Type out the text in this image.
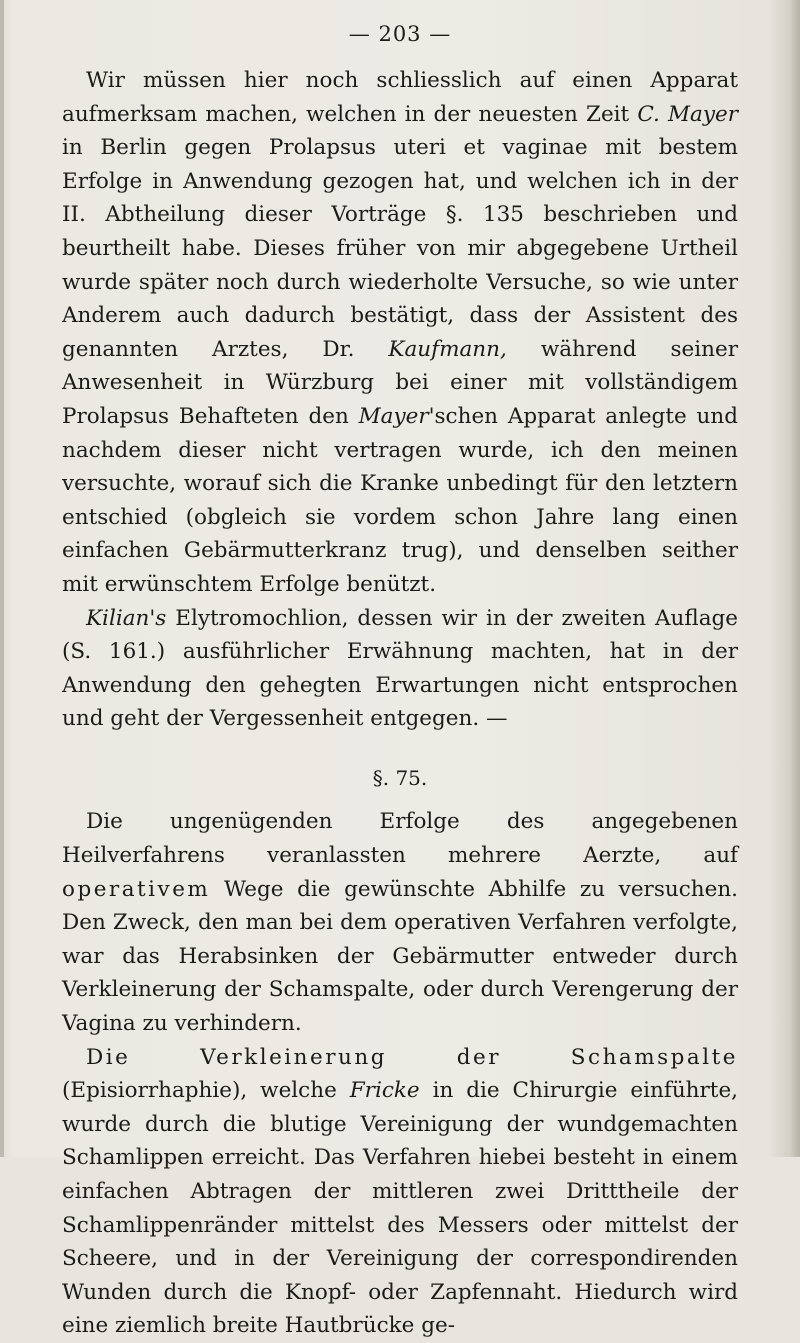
— 203 —

Wir müssen hier noch schliesslich auf einen Apparat aufmerksam machen, welchen in der neuesten Zeit C. Mayer in Berlin gegen Prolapsus uteri et vaginae mit bestem Erfolge in Anwendung gezogen hat, und welchen ich in der II. Abtheilung dieser Vorträge §. 135 beschrieben und beurtheilt habe. Dieses früher von mir abgegebene Urtheil wurde später noch durch wiederholte Versuche, so wie unter Anderem auch dadurch bestätigt, dass der Assistent des genannten Arztes, Dr. Kaufmann, während seiner Anwesenheit in Würzburg bei einer mit vollständigem Prolapsus Behafteten den Mayer'schen Apparat anlegte und nachdem dieser nicht vertragen wurde, ich den meinen versuchte, worauf sich die Kranke unbedingt für den letztern entschied (obgleich sie vordem schon Jahre lang einen einfachen Gebärmutterkranz trug), und denselben seither mit erwünschtem Erfolge benützt.

Kilian's Elytromochlion, dessen wir in der zweiten Auflage (S. 161.) ausführlicher Erwähnung machten, hat in der Anwendung den gehegten Erwartungen nicht entsprochen und geht der Vergessenheit entgegen. —

§. 75.

Die ungenügenden Erfolge des angegebenen Heilverfahrens veranlassten mehrere Aerzte, auf operativem Wege die gewünschte Abhilfe zu versuchen. Den Zweck, den man bei dem operativen Verfahren verfolgte, war das Herabsinken der Gebärmutter entweder durch Verkleinerung der Schamspalte, oder durch Verengerung der Vagina zu verhindern.

Die Verkleinerung der Schamspalte (Episiorrhaphie), welche Fricke in die Chirurgie einführte, wurde durch die blutige Vereinigung der wundgemachten Schamlippen erreicht. Das Verfahren hiebei besteht in einem einfachen Abtragen der mittleren zwei Dritttheile der Schamlippenränder mittelst des Messers oder mittelst der Scheere, und in der Vereinigung der correspondirenden Wunden durch die Knopf- oder Zapfennaht. Hiedurch wird eine ziemlich breite Hautbrücke ge-
